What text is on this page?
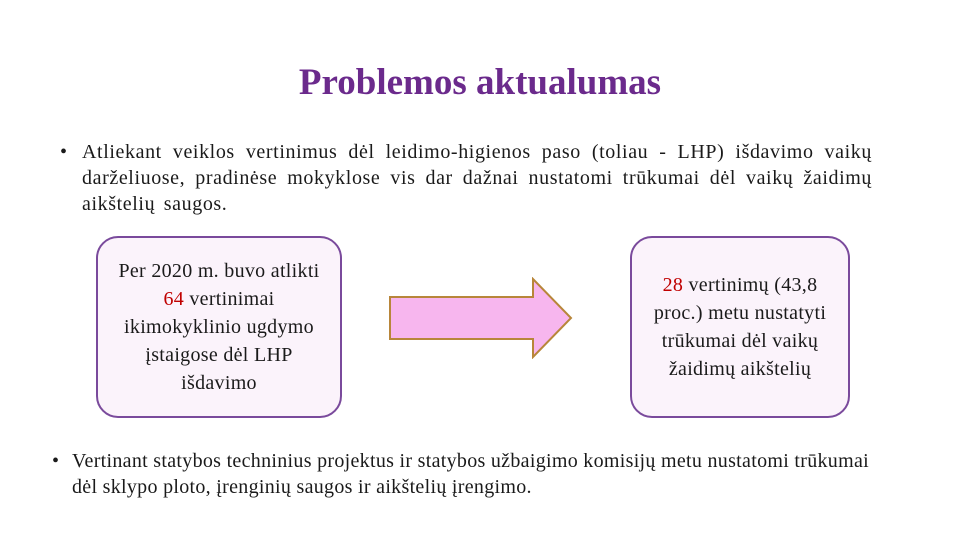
Problemos aktualumas
• Atliekant veiklos vertinimus dėl leidimo-higienos paso (toliau - LHP) išdavimo vaikų darželiuose, pradinėse mokyklose vis dar dažnai nustatomi trūkumai dėl vaikų žaidimų aikštelių saugos.
Per 2020 m. buvo atlikti 64 vertinimai ikimokyklinio ugdymo įstaigose dėl LHP išdavimo
28 vertinimų (43,8 proc.) metu nustatyti trūkumai dėl vaikų žaidimų aikštelių
• Vertinant statybos techninius projektus ir statybos užbaigimo komisijų metu nustatomi trūkumai dėl sklypo ploto, įrenginių saugos ir aikštelių įrengimo.
